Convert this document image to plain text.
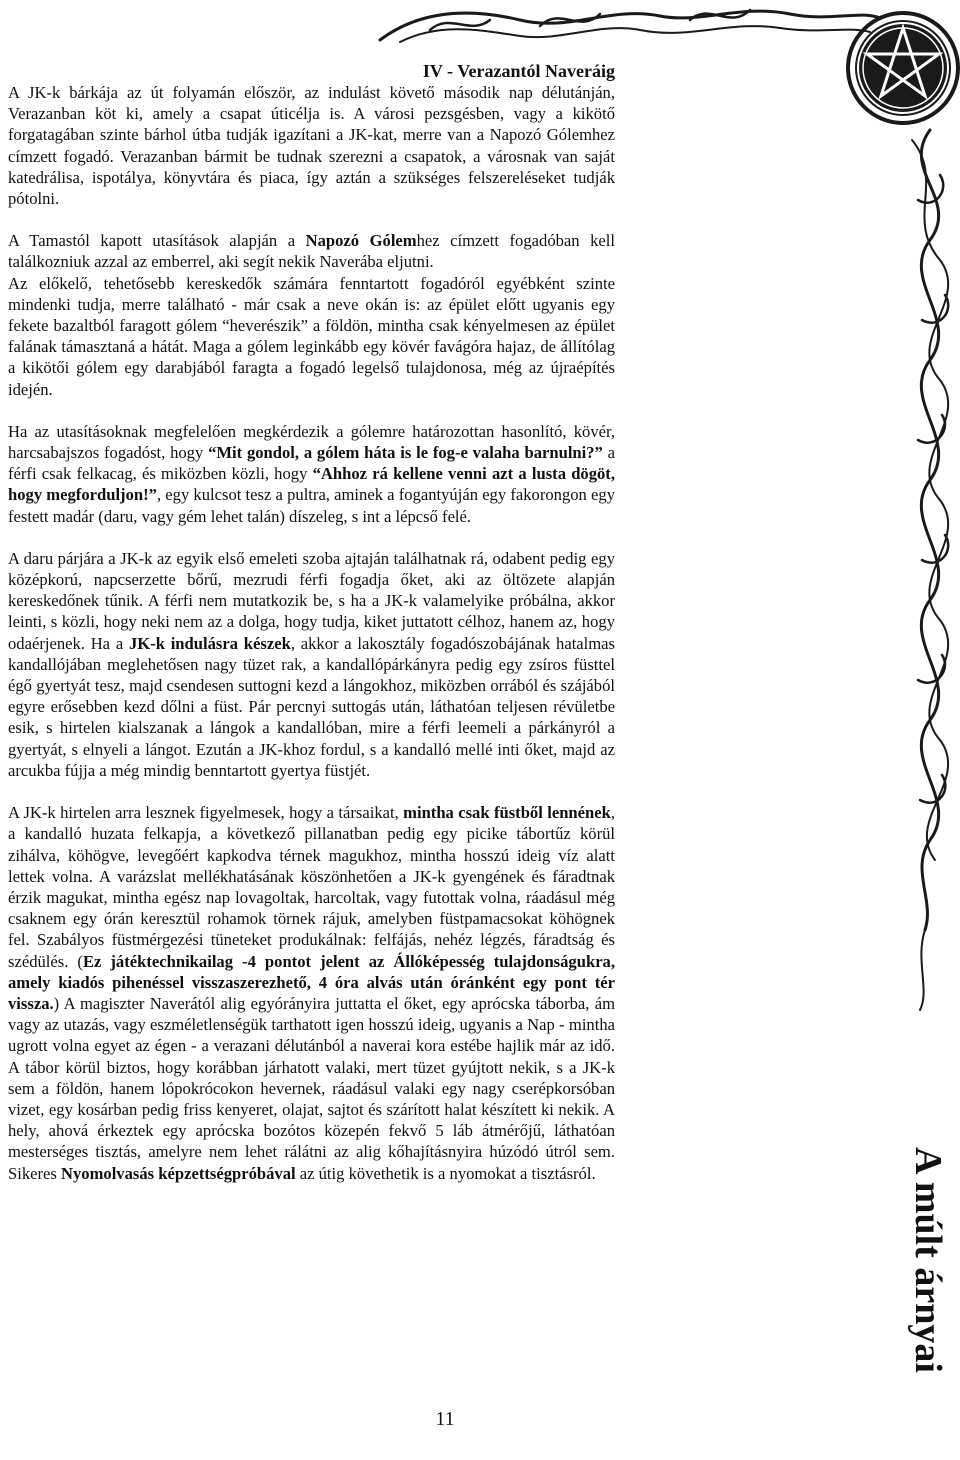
IV - Verazantól Naveráig

A JK-k bárkája az út folyamán először, az indulást követő második nap délutánján, Verazanban köt ki, amely a csapat úticélja is. A városi pezsgésben, vagy a kikötő forgatagában szinte bárhol útba tudják igazítani a JK-kat, merre van a Napozó Gólemhez címzett fogadó. Verazanban bármit be tudnak szerezni a csapatok, a városnak van saját katedrálisa, ispotálya, könyvtára és piaca, így aztán a szükséges felszereléseket tudják pótolni.

A Tamastól kapott utasítások alapján a Napozó Gólemhez címzett fogadóban kell találkozniuk azzal az emberrel, aki segít nekik Naverába eljutni.

Az előkelő, tehetősebb kereskedők számára fenntartott fogadóról egyébként szinte mindenki tudja, merre található - már csak a neve okán is: az épület előtt ugyanis egy fekete bazaltból faragott gólem “heverészik” a földön, mintha csak kényelmesen az épület falának támasztaná a hátát. Maga a gólem leginkább egy kövér favágóra hajaz, de állítólag a kikötői gólem egy darabjából faragta a fogadó legelső tulajdonosa, még az újraépítés idején.

Ha az utasításoknak megfelelően megkérdezik a gólemre határozottan hasonlító, kövér, harcsabajszos fogadóst, hogy “Mit gondol, a gólem háta is le fog-e valaha barnulni?” a férfi csak felkacag, és miközben közli, hogy “Ahhoz rá kellene venni azt a lusta dögöt, hogy megforduljon!”, egy kulcsot tesz a pultra, aminek a fogantyúján egy fakorongon egy festett madár (daru, vagy gém lehet talán) díszeleg, s int a lépcső felé.

A daru párjára a JK-k az egyik első emeleti szoba ajtaján találhatnak rá, odabent pedig egy középkorú, napcserzette bőrű, mezrudi férfi fogadja őket, aki az öltözete alapján kereskedőnek tűnik. A férfi nem mutatkozik be, s ha a JK-k valamelyike próbálna, akkor leinti, s közli, hogy neki nem az a dolga, hogy tudja, kiket juttatott célhoz, hanem az, hogy odaérjenek. Ha a JK-k indulásra készek, akkor a lakosztály fogadószobájának hatalmas kandallójában meglehetősen nagy tüzet rak, a kandallópárkányra pedig egy zsíros füsttel égő gyertyát tesz, majd csendesen suttogni kezd a lángokhoz, miközben orrából és szájából egyre erősebben kezd dőlni a füst. Pár percnyi suttogás után, láthatóan teljesen révületbe esik, s hirtelen kialszanak a lángok a kandallóban, mire a férfi leemeli a párkányról a gyertyát, s elnyeli a lángot. Ezután a JK-khoz fordul, s a kandalló mellé inti őket, majd az arcukba fújja a még mindig benntartott gyertya füstjét.

A JK-k hirtelen arra lesznek figyelmesek, hogy a társaikat, mintha csak füstből lennének, a kandalló huzata felkapja, a következő pillanatban pedig egy picike tábortűz körül zihálva, köhögve, levegőért kapkodva térnek magukhoz, mintha hosszú ideig víz alatt lettek volna. A varázslat mellékhatásának köszönhetően a JK-k gyengének és fáradtnak érzik magukat, mintha egész nap lovagoltak, harcoltak, vagy futottak volna, ráadásul még csaknem egy órán keresztül rohamok törnek rájuk, amelyben füstpamacsokat köhögnek fel. Szabályos füstmérgezési tüneteket produkálnak: felfájás, nehéz légzés, fáradtság és szédülés. (Ez játéktechnikailag -4 pontot jelent az Állóképesség tulajdonságukra, amely kiadós pihenéssel visszaszerezhető, 4 óra alvás után óránként egy pont tér vissza.) A magiszter Naverától alig egyórányira juttatta el őket, egy aprócska táborba, ám vagy az utazás, vagy eszméletlenségük tarthatott igen hosszú ideig, ugyanis a Nap - mintha ugrott volna egyet az égen - a verazani délutánból a naverai kora estébe hajlik már az idő. A tábor körül biztos, hogy korábban járhatott valaki, mert tüzet gyújtott nekik, s a JK-k sem a földön, hanem lópokrócokon hevernek, ráadásul valaki egy nagy cserépkorsóban vizet, egy kosárban pedig friss kenyeret, olajat, sajtot és szárított halat készített ki nekik. A hely, ahová érkeztek egy aprócska bozótos közepén fekvő 5 láb átmérőjű, láthatóan mesterséges tisztás, amelyre nem lehet rálátni az alig kőhajításnyira húzódó útról sem. Sikeres Nyomolvasás képzettségpróbával az útig követhetik is a nyomokat a tisztásról.

11
A múlt árnyai
